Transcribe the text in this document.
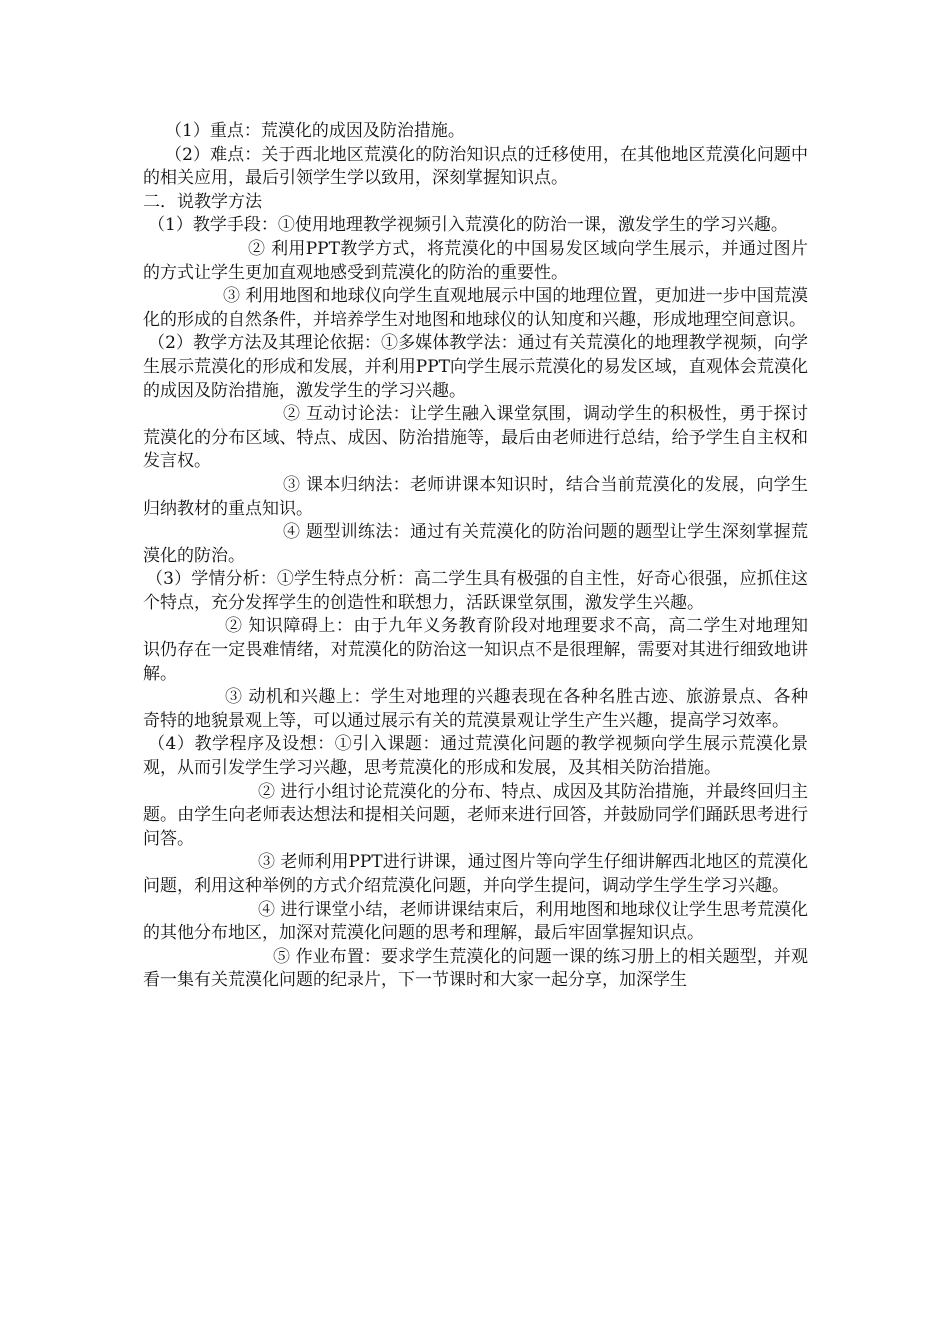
（1）重点：荒漠化的成因及防治措施。

（2）难点：关于西北地区荒漠化的防治知识点的迁移使用，在其他地区荒漠化问题中的相关应用，最后引领学生学以致用，深刻掌握知识点。

二．说教学方法

（1）教学手段：①使用地理教学视频引入荒漠化的防治一课，激发学生的学习兴趣。

② 利用PPT教学方式，将荒漠化的中国易发区域向学生展示，并通过图片的方式让学生更加直观地感受到荒漠化的防治的重要性。

③ 利用地图和地球仪向学生直观地展示中国的地理位置，更加进一步中国荒漠化的形成的自然条件，并培养学生对地图和地球仪的认知度和兴趣，形成地理空间意识。

（2）教学方法及其理论依据：①多媒体教学法：通过有关荒漠化的地理教学视频，向学生展示荒漠化的形成和发展，并利用PPT向学生展示荒漠化的易发区域，直观体会荒漠化的成因及防治措施，激发学生的学习兴趣。

② 互动讨论法：让学生融入课堂氛围，调动学生的积极性，勇于探讨荒漠化的分布区域、特点、成因、防治措施等，最后由老师进行总结，给予学生自主权和发言权。

③ 课本归纳法：老师讲课本知识时，结合当前荒漠化的发展，向学生归纳教材的重点知识。

④ 题型训练法：通过有关荒漠化的防治问题的题型让学生深刻掌握荒漠化的防治。

（3）学情分析：①学生特点分析：高二学生具有极强的自主性，好奇心很强，应抓住这个特点，充分发挥学生的创造性和联想力，活跃课堂氛围，激发学生兴趣。

② 知识障碍上：由于九年义务教育阶段对地理要求不高，高二学生对地理知识仍存在一定畏难情绪，对荒漠化的防治这一知识点不是很理解，需要对其进行细致地讲解。

③ 动机和兴趣上：学生对地理的兴趣表现在各种名胜古迹、旅游景点、各种奇特的地貌景观上等，可以通过展示有关的荒漠景观让学生产生兴趣，提高学习效率。

（4）教学程序及设想：①引入课题：通过荒漠化问题的教学视频向学生展示荒漠化景观，从而引发学生学习兴趣，思考荒漠化的形成和发展，及其相关防治措施。

② 进行小组讨论荒漠化的分布、特点、成因及其防治措施，并最终回归主题。由学生向老师表达想法和提相关问题，老师来进行回答，并鼓励同学们踊跃思考进行问答。

③ 老师利用PPT进行讲课，通过图片等向学生仔细讲解西北地区的荒漠化问题，利用这种举例的方式介绍荒漠化问题，并向学生提问，调动学生学生学习兴趣。

④ 进行课堂小结，老师讲课结束后，利用地图和地球仪让学生思考荒漠化的其他分布地区，加深对荒漠化问题的思考和理解，最后牢固掌握知识点。

⑤ 作业布置：要求学生荒漠化的问题一课的练习册上的相关题型，并观看一集有关荒漠化问题的纪录片，下一节课时和大家一起分享，加深学生
